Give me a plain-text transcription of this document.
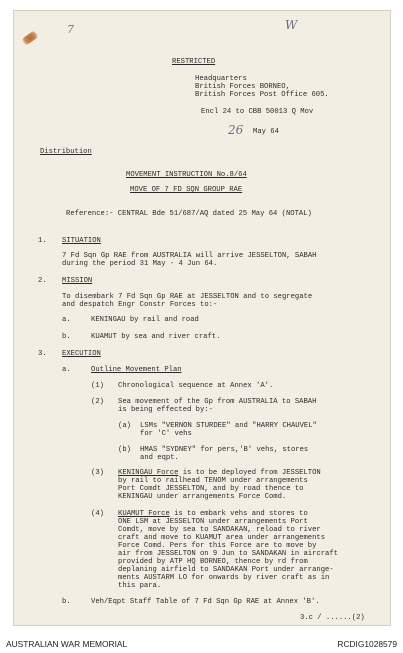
7	W
RESTRICTED
Headquarters
British Forces BORNEO,
British Forces Post Office 605.
Encl 24 to CBB 50013 Q Mov
26 May 64
Distribution
MOVEMENT INSTRUCTION No.8/64
MOVE OF 7 FD SQN GROUP RAE
Reference:- CENTRAL Bde 51/687/AQ dated 25 May 64 (NOTAL)
1. SITUATION
7 Fd Sqn Gp RAE from AUSTRALIA will arrive JESSELTON, SABAH
during the period 31 May - 4 Jun 64.
2. MISSION
To disembark 7 Fd Sqn Gp RAE at JESSELTON and to segregate
and despatch Engr Constr Forces to:-
a.	KENINGAU by rail and road
b.	KUAMUT by sea and river craft.
3. EXECUTION
a.	Outline Movement Plan
(1) Chronological sequence at Annex 'A'.
(2) Sea movement of the Gp from AUSTRALIA to SABAH
is being effected by:-
(a) LSMs "VERNON STURDEE" and "HARRY CHAUVEL"
for 'C' vehs
(b) HMAS "SYDNEY" for pers,'B' vehs, stores
and eqpt.
(3) KENINGAU Force is to be deployed from JESSELTON
by rail to railhead TENOM under arrangements
Port Comdt JESSELTON, and by road thence to
KENINGAU under arrangements Force Comd.
(4) KUAMUT Force is to embark vehs and stores to
ONE LSM at JESSELTON under arrangements Port
Comdt, move by sea to SANDAKAN, reload to river
craft and move to KUAMUT area under arrangements
Force Comd. Pers for this Force are to move by
air from JESSELTON on 9 Jun to SANDAKAN in aircraft
provided by ATP HQ BORNEO, thence by rd from
deplaning airfield to SANDAKAN Port under arrange-
ments AUSTARM LO for onwards by river craft as in
this para.
b.	Veh/Eqpt Staff Table of 7 Fd Sqn Gp RAE at Annex 'B'.
3.c / ......(2)
AUSTRALIAN WAR MEMORIAL	RCDIG1028579
